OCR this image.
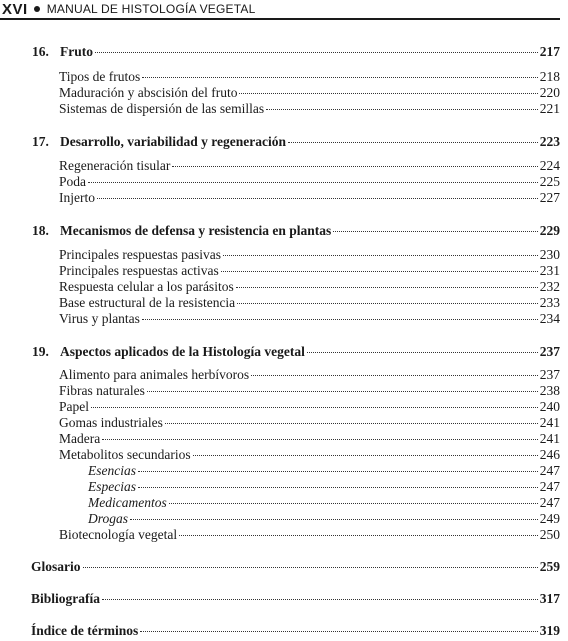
XVI MANUAL DE HISTOLOGÍA VEGETAL
16. Fruto	217
Tipos de frutos	218
Maduración y abscisión del fruto	220
Sistemas de dispersión de las semillas	221
17. Desarrollo, variabilidad y regeneración	223
Regeneración tisular	224
Poda	225
Injerto	227
18. Mecanismos de defensa y resistencia en plantas	229
Principales respuestas pasivas	230
Principales respuestas activas	231
Respuesta celular a los parásitos	232
Base estructural de la resistencia	233
Virus y plantas	234
19. Aspectos aplicados de la Histología vegetal	237
Alimento para animales herbívoros	237
Fibras naturales	238
Papel	240
Gomas industriales	241
Madera	241
Metabolitos secundarios	246
Esencias	247
Especias	247
Medicamentos	247
Drogas	249
Biotecnología vegetal	250
Glosario	259
Bibliografía	317
Índice de términos	319
